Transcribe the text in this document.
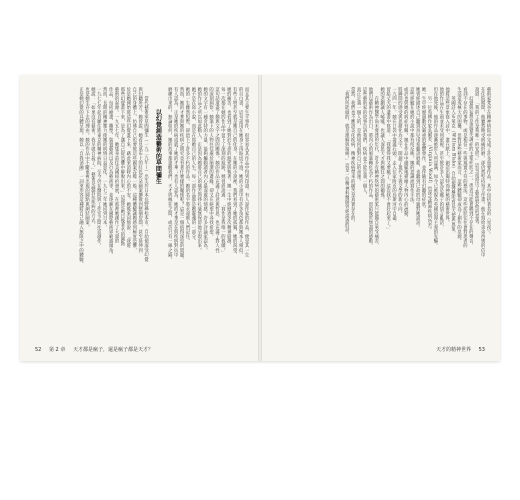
而且其主要生平事件，很容易从其作品中得到印證。有人說作家的作品，便是其一生
的自白書，這句話用在她身上再貼切不過。她的小說中有許多角色都與她本人相似，
有些人物甚至就是她自己的化身。在她的小說裡，我們看到了她的孤獨、她的渴望、
她的痛苦，也看到了她對於生命的熱愛與執著。她一生中經歷過多次精神崩潰，
每一次都在她的作品中留下了深刻的痕跡。她曾經說過：「寫作是我唯一的救贖。」
這句話道盡了她與文字之間的關係。她的作品充滿了詩意與哲思，也充滿了對人性
的深刻洞察。她筆下的人物往往處於崩潰的邊緣，卻又在絕望中尋找希望。
她的文字有一種奇特的力量，能夠觸動讀者內心最深處的情感。許多評論家認為，
她的作品之所以如此動人，正是因為她將自己的痛苦與掙扎毫無保留地呈現出來。
她不是在寫小說，而是在寫她自己的人生。每一部作品都是她靈魂的一部分。
她的一生雖然短暫，卻留下了許多不朽的作品。她的名字將永遠被人們記住。
然而，她的才華與她的疾病之間究竟有著什麼樣的關係呢？這是一個值得深思的問題。
有人認為，正是她的疾病成就了她的才華；也有人認為，她的才華是在與疾病對抗中
磨練出來的。無論如何，她的故事都提醒我們，天才與瘋狂之間，或許只有一線之隔。
以幻覺創造藝術的草間彌生
當代藝術家草間彌生（一九二九年—）出生於日本長野縣松本市，自幼便深受幻覺
與幻聽所苦。她曾說，她看見桌布上的紅色花朵圖案擴散到整個房間，甚至延伸到
自己的身體上，彷彿自己也要被這些圖案吞噬一般。這種體驗讓她感到極度恐懼，
於是她開始將這些幻覺畫下來，藉此來消除內心的不安。她後來回憶說：「我將
那些幻覺畫下來，是為了讓自己從恐懼中解脫出來。」這便是她日後著名的圓點
藝術的起源。一九五七年，她隻身前往美國紐約發展，在那裡她創作了大量的
作品，包括繪畫、雕塑、裝置藝術以及行為藝術等，並逐漸在國際藝術界嶄露頭角。
然而，長期的精神壓力使她的病情日益惡化，一九七三年她回到日本，
一九七七年起自願住進東京的精神病院，至今仍在醫院與工作室之間往返創作。
她說：「如果沒有藝術，我早就自殺了。」藝術是她對抗疾病的方式，
也是她生存下去的理由。她的作品中不斷重複出現的圓點與網狀圖案，
正是她幻覺的具體呈現。她以「自我消融」一詞來形容這種將自己融入無限之中的體驗。
52 第 2 章 天才都是瘋子，還是瘋子都是天才？
藝術家梵谷在精神病院中完成了許多重要作品，其中包括著名的〈星夜〉。
在住院期間，他雖然飽受病痛折磨，卻仍然堅持每天作畫。他在寫給弟弟西奧的信中
說道：「我的工作是我唯一的安慰。」這句話道出了藝術對他的意義。
幻覺與妄想是思覺失調症的主要症狀之一。患者可能會聽到不存在的聲音，
看到不存在的事物，或是相信一些與現實不符的想法。這些症狀往往會對患者的
生活造成極大的困擾，但對某些藝術家而言，這些體驗卻成為了創作的泉源。
英國詩人布萊克（William Blake）自幼便聲稱能看見天使與異象，
他將這些景象寫入詩中、畫在紙上，創造出獨特而神秘的藝術世界。
他的作品在生前並未受到重視，甚至被許多人認為是瘋子的胡言亂語，
但在他死後，他的作品逐漸被世人所認識，如今已被視為英國浪漫主義的先驅。
另一位英國作家吳爾芙（Virginia Woolf）也深受精神疾病所苦。
她一生中經歷過數次嚴重的憂鬱發作，並伴隨有幻聽的症狀。
她曾經描述自己聽到鳥兒用希臘語唱歌，也聽到已故的母親對她說話。
這些經驗在她的小說中都有所反映。她的意識流寫作手法，
或許也與她的病症有關。她在作品中細膩地描繪人物內心的流動，
將瞬間的感受與思緒化為文字，開創了現代主義文學的新方向。
一九四一年，她在口袋中裝滿石頭，走入住家附近的烏斯河中自盡，
留給丈夫的遺書中寫道：「我覺得我又要瘋了，這次我不會好起來了。」
她的悲劇讓人唏噓，也讓人深思天才與瘋狂之間的關係。
在精神醫學尚未發達的年代，許多有精神疾病的藝術家只能獨自承受痛苦，
他們以藝術作為出口，將內心的風暴轉化為不朽的作品，留給後世無盡的感動。
這些藝術家的故事告訴我們，疾病並不能定義一個人，
真正定義一個人的，是他如何面對自己的命運。
當然，我們也不應該美化疾病，精神疾病帶來的痛苦是真實存在的。
「我們所能做的，就是理解與接納。」這是一位精神科醫師曾經說過的話。
天才的精神世界 53
